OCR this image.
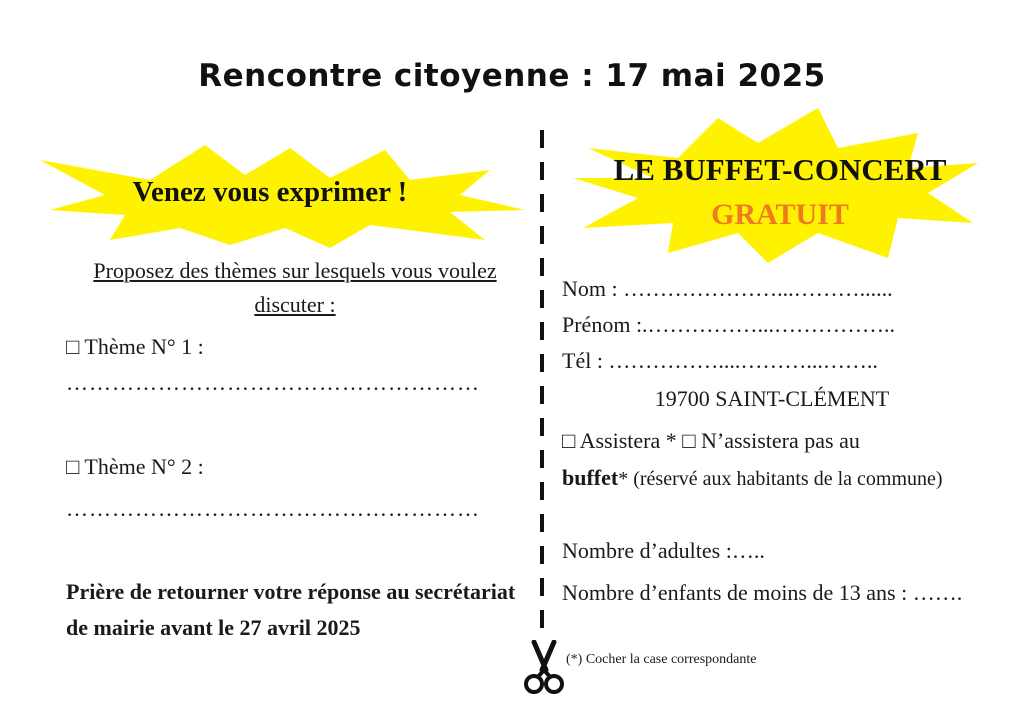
Rencontre citoyenne : 17 mai 2025
Venez vous exprimer !
LE BUFFET-CONCERT
GRATUIT
Proposez des thèmes sur lesquels vous voulez discuter :
□ Thème N° 1 :
………………………………………………
□ Thème N° 2 :
………………………………………………
Prière de retourner votre réponse au secrétariat de mairie avant le 27 avril 2025
Nom : …………………...………......
Prénom :.……………...……………..
Tél : ……………....………...……..
19700 SAINT-CLÉMENT
□ Assistera * □ N’assistera pas au
buffet* (réservé aux habitants de la commune)
Nombre d’adultes :…..
Nombre d’enfants de moins de 13 ans : …….
(*) Cocher la case correspondante
